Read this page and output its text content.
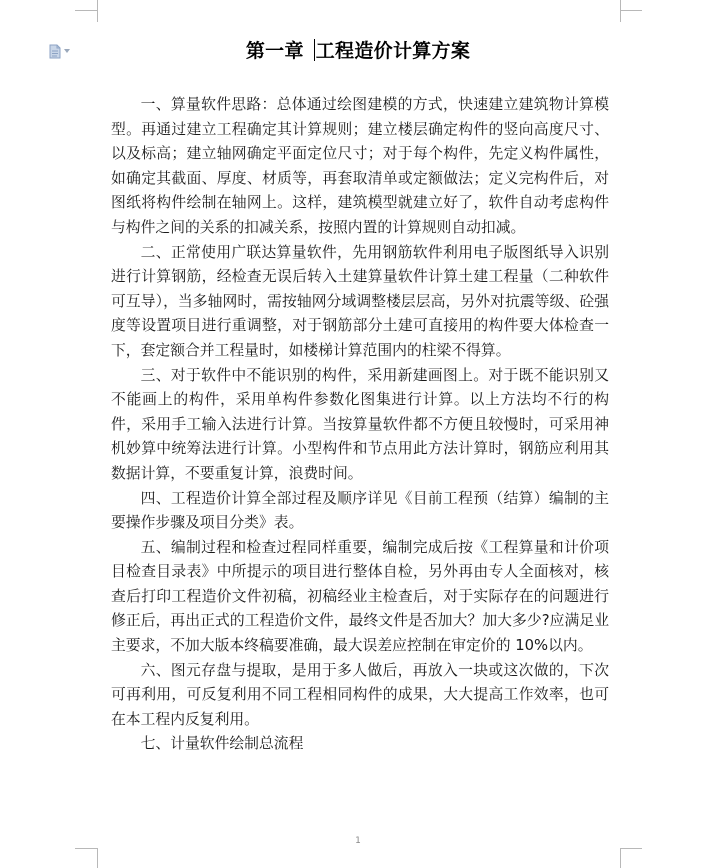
第一章 工程造价计算方案

一、算量软件思路：总体通过绘图建模的方式，快速建立建筑物计算模型。再通过建立工程确定其计算规则；建立楼层确定构件的竖向高度尺寸、以及标高；建立轴网确定平面定位尺寸；对于每个构件，先定义构件属性，如确定其截面、厚度、材质等，再套取清单或定额做法；定义完构件后，对图纸将构件绘制在轴网上。这样，建筑模型就建立好了，软件自动考虑构件与构件之间的关系的扣减关系，按照内置的计算规则自动扣减。

二、正常使用广联达算量软件，先用钢筋软件利用电子版图纸导入识别进行计算钢筋，经检查无误后转入土建算量软件计算土建工程量（二种软件可互导），当多轴网时，需按轴网分域调整楼层层高，另外对抗震等级、砼强度等设置项目进行重调整，对于钢筋部分土建可直接用的构件要大体检查一下，套定额合并工程量时，如楼梯计算范围内的柱梁不得算。

三、对于软件中不能识别的构件，采用新建画图上。对于既不能识别又不能画上的构件，采用单构件参数化图集进行计算。以上方法均不行的构件，采用手工输入法进行计算。当按算量软件都不方便且较慢时，可采用神机妙算中统筹法进行计算。小型构件和节点用此方法计算时，钢筋应利用其数据计算，不要重复计算，浪费时间。

四、工程造价计算全部过程及顺序详见《目前工程预（结算）编制的主要操作步骤及项目分类》表。

五、编制过程和检查过程同样重要，编制完成后按《工程算量和计价项目检查目录表》中所提示的项目进行整体自检，另外再由专人全面核对，核查后打印工程造价文件初稿，初稿经业主检查后，对于实际存在的问题进行修正后，再出正式的工程造价文件，最终文件是否加大？加大多少?应满足业主要求，不加大版本终稿要准确，最大误差应控制在审定价的 10%以内。

六、图元存盘与提取，是用于多人做后，再放入一块或这次做的，下次可再利用，可反复利用不同工程相同构件的成果，大大提高工作效率，也可在本工程内反复利用。

七、计量软件绘制总流程

1
